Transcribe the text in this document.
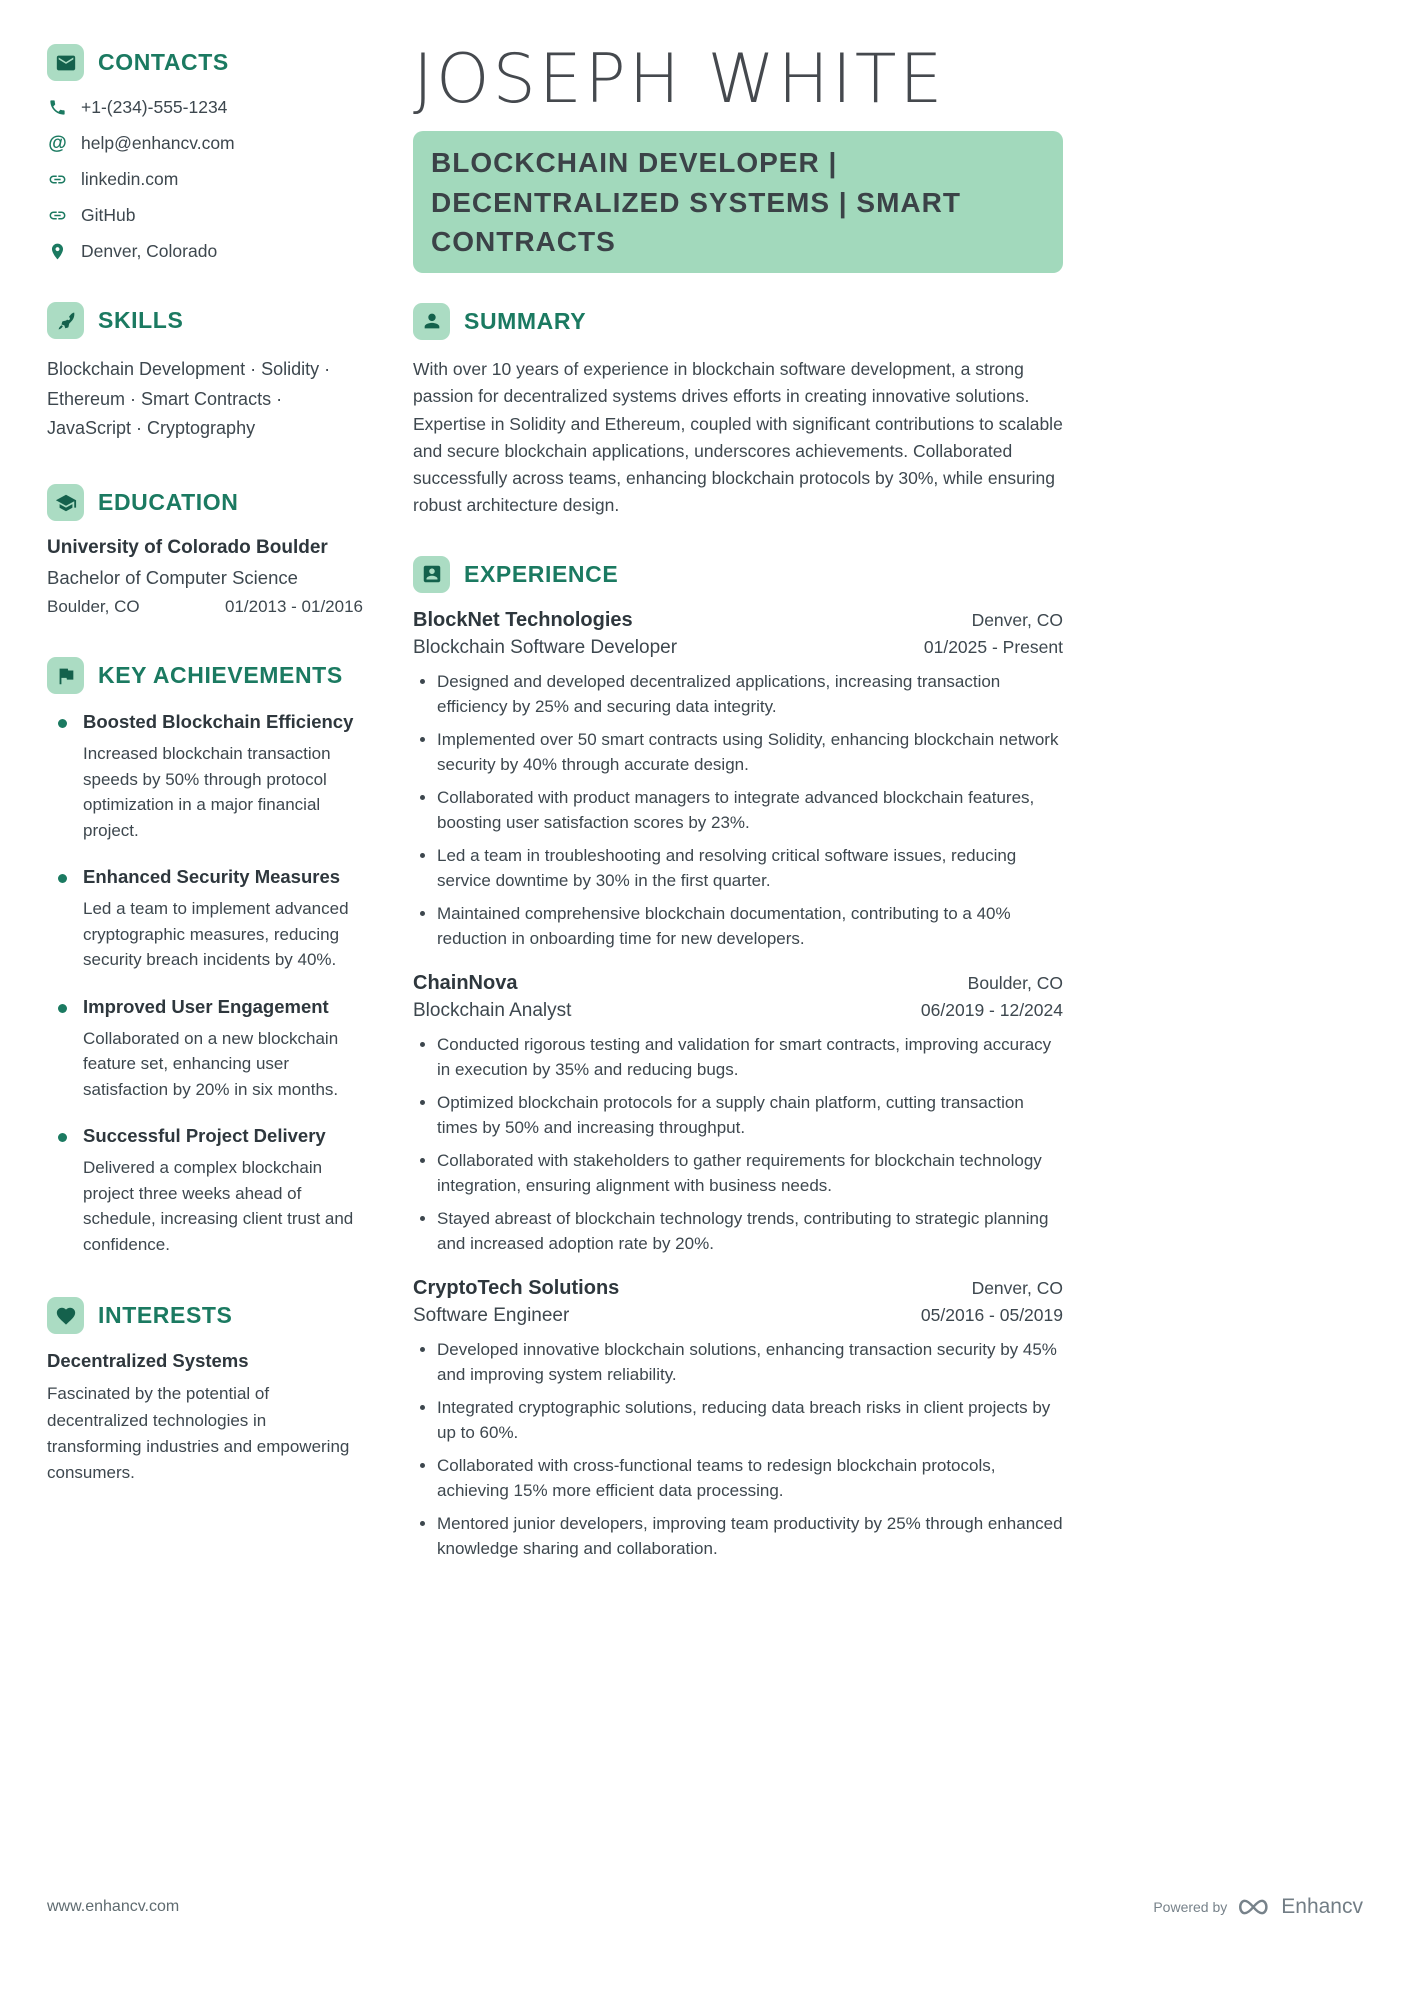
CONTACTS
+1-(234)-555-1234
@
help@enhancv.com
linkedin.com
GitHub
Denver, Colorado
SKILLS
Blockchain Development · Solidity · Ethereum · Smart Contracts · JavaScript · Cryptography
EDUCATION
University of Colorado Boulder
Bachelor of Computer Science
Boulder, CO	01/2013 - 01/2016
KEY ACHIEVEMENTS
Boosted Blockchain Efficiency
Increased blockchain transaction speeds by 50% through protocol optimization in a major financial project.
Enhanced Security Measures
Led a team to implement advanced cryptographic measures, reducing security breach incidents by 40%.
Improved User Engagement
Collaborated on a new blockchain feature set, enhancing user satisfaction by 20% in six months.
Successful Project Delivery
Delivered a complex blockchain project three weeks ahead of schedule, increasing client trust and confidence.
INTERESTS
Decentralized Systems
Fascinated by the potential of decentralized technologies in transforming industries and empowering consumers.
JOSEPH WHITE
BLOCKCHAIN DEVELOPER | DECENTRALIZED SYSTEMS | SMART CONTRACTS
SUMMARY

With over 10 years of experience in blockchain software development, a strong passion for decentralized systems drives efforts in creating innovative solutions. Expertise in Solidity and Ethereum, coupled with significant contributions to scalable and secure blockchain applications, underscores achievements. Collaborated successfully across teams, enhancing blockchain protocols by 30%, while ensuring robust architecture design.

EXPERIENCE
BlockNet Technologies	Denver, CO
Blockchain Software Developer	01/2025 - Present
• Designed and developed decentralized applications, increasing transaction efficiency by 25% and securing data integrity.
• Implemented over 50 smart contracts using Solidity, enhancing blockchain network security by 40% through accurate design.
• Collaborated with product managers to integrate advanced blockchain features, boosting user satisfaction scores by 23%.
• Led a team in troubleshooting and resolving critical software issues, reducing service downtime by 30% in the first quarter.
• Maintained comprehensive blockchain documentation, contributing to a 40% reduction in onboarding time for new developers.
ChainNova	Boulder, CO
Blockchain Analyst	06/2019 - 12/2024
• Conducted rigorous testing and validation for smart contracts, improving accuracy in execution by 35% and reducing bugs.
• Optimized blockchain protocols for a supply chain platform, cutting transaction times by 50% and increasing throughput.
• Collaborated with stakeholders to gather requirements for blockchain technology integration, ensuring alignment with business needs.
• Stayed abreast of blockchain technology trends, contributing to strategic planning and increased adoption rate by 20%.
CryptoTech Solutions	Denver, CO
Software Engineer	05/2016 - 05/2019
• Developed innovative blockchain solutions, enhancing transaction security by 45% and improving system reliability.
• Integrated cryptographic solutions, reducing data breach risks in client projects by up to 60%.
• Collaborated with cross-functional teams to redesign blockchain protocols, achieving 15% more efficient data processing.
• Mentored junior developers, improving team productivity by 25% through enhanced knowledge sharing and collaboration.
www.enhancv.com	Powered by	Enhancv
